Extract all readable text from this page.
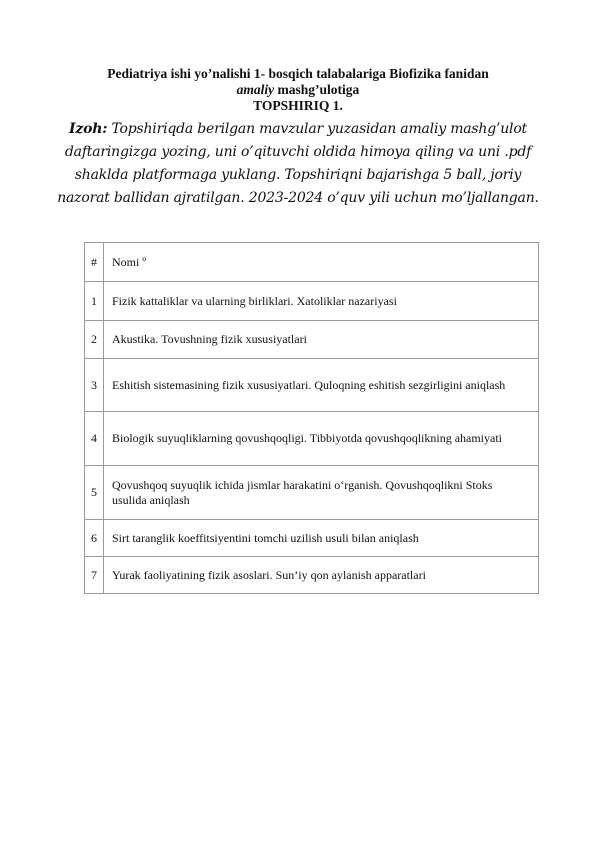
Pediatriya ishi yo’nalishi 1- bosqich talabalariga Biofizika fanidan
amaliy mashg’ulotiga
TOPSHIRIQ 1.
Izoh: Topshiriqda berilgan mavzular yuzasidan amaliy mashg’ulot daftaringizga yozing, uni o’qituvchi oldida himoya qiling va uni .pdf shaklda platformaga yuklang. Topshiriqni bajarishga 5 ball, joriy nazorat ballidan ajratilgan. 2023-2024 o’quv yili uchun mo’ljallangan.
#	Nomi º
1	Fizik kattaliklar va ularning birliklari. Xatoliklar nazariyasi
2	Akustika. Tovushning fizik xususiyatlari
3	Eshitish sistemasining fizik xususiyatlari. Quloqning eshitish sezgirligini aniqlash
4	Biologik suyuqliklarning qovushqoqligi. Tibbiyotda qovushqoqlikning ahamiyati
5	Qovushqoq suyuqlik ichida jismlar harakatini o‘rganish. Qovushqoqlikni Stoks usulida aniqlash
6	Sirt taranglik koeffitsiyentini tomchi uzilish usuli bilan aniqlash
7	Yurak faoliyatining fizik asoslari. Sun’iy qon aylanish apparatlari
